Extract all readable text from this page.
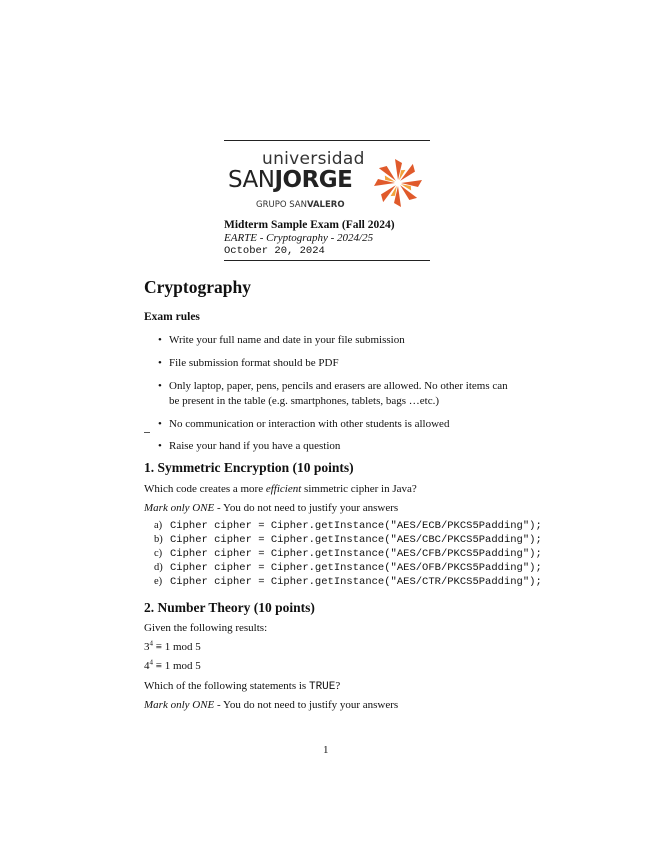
universidad
SANJORGE
GRUPO SANVALERO
Midterm Sample Exam (Fall 2024)
EARTE - Cryptography - 2024/25
October 20, 2024
Cryptography
Exam rules
• Write your full name and date in your file submission
• File submission format should be PDF
• Only laptop, paper, pens, pencils and erasers are allowed. No other items can be present in the table (e.g. smartphones, tablets, bags …etc.)
• No communication or interaction with other students is allowed
• Raise your hand if you have a question
1. Symmetric Encryption (10 points)
Which code creates a more efficient simmetric cipher in Java?
Mark only ONE - You do not need to justify your answers
a) Cipher cipher = Cipher.getInstance("AES/ECB/PKCS5Padding");
b) Cipher cipher = Cipher.getInstance("AES/CBC/PKCS5Padding");
c) Cipher cipher = Cipher.getInstance("AES/CFB/PKCS5Padding");
d) Cipher cipher = Cipher.getInstance("AES/OFB/PKCS5Padding");
e) Cipher cipher = Cipher.getInstance("AES/CTR/PKCS5Padding");
2. Number Theory (10 points)
Given the following results:
$3^4 \equiv 1$ mod 5
$4^4 \equiv 1$ mod 5
Which of the following statements is TRUE?
Mark only ONE - You do not need to justify your answers
1
